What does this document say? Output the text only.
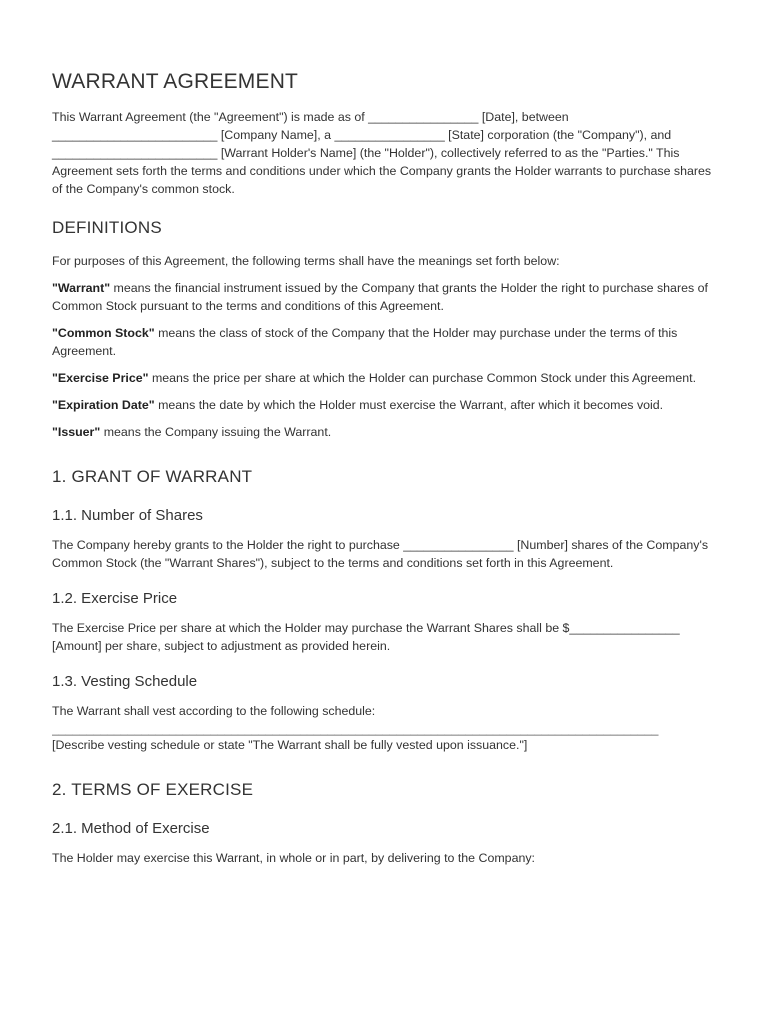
WARRANT AGREEMENT

This Warrant Agreement (the "Agreement") is made as of ________________ [Date], between ________________________ [Company Name], a ________________ [State] corporation (the "Company"), and ________________________ [Warrant Holder's Name] (the "Holder"), collectively referred to as the "Parties." This Agreement sets forth the terms and conditions under which the Company grants the Holder warrants to purchase shares of the Company's common stock.

DEFINITIONS

For purposes of this Agreement, the following terms shall have the meanings set forth below:

"Warrant" means the financial instrument issued by the Company that grants the Holder the right to purchase shares of Common Stock pursuant to the terms and conditions of this Agreement.

"Common Stock" means the class of stock of the Company that the Holder may purchase under the terms of this Agreement.

"Exercise Price" means the price per share at which the Holder can purchase Common Stock under this Agreement.

"Expiration Date" means the date by which the Holder must exercise the Warrant, after which it becomes void.

"Issuer" means the Company issuing the Warrant.

1. GRANT OF WARRANT
1.1. Number of Shares

The Company hereby grants to the Holder the right to purchase ________________ [Number] shares of the Company's Common Stock (the "Warrant Shares"), subject to the terms and conditions set forth in this Agreement.

1.2. Exercise Price

The Exercise Price per share at which the Holder may purchase the Warrant Shares shall be $________________ [Amount] per share, subject to adjustment as provided herein.

1.3. Vesting Schedule

The Warrant shall vest according to the following schedule:

________________________________________________________________________________________

[Describe vesting schedule or state "The Warrant shall be fully vested upon issuance."]

2. TERMS OF EXERCISE
2.1. Method of Exercise

The Holder may exercise this Warrant, in whole or in part, by delivering to the Company:
